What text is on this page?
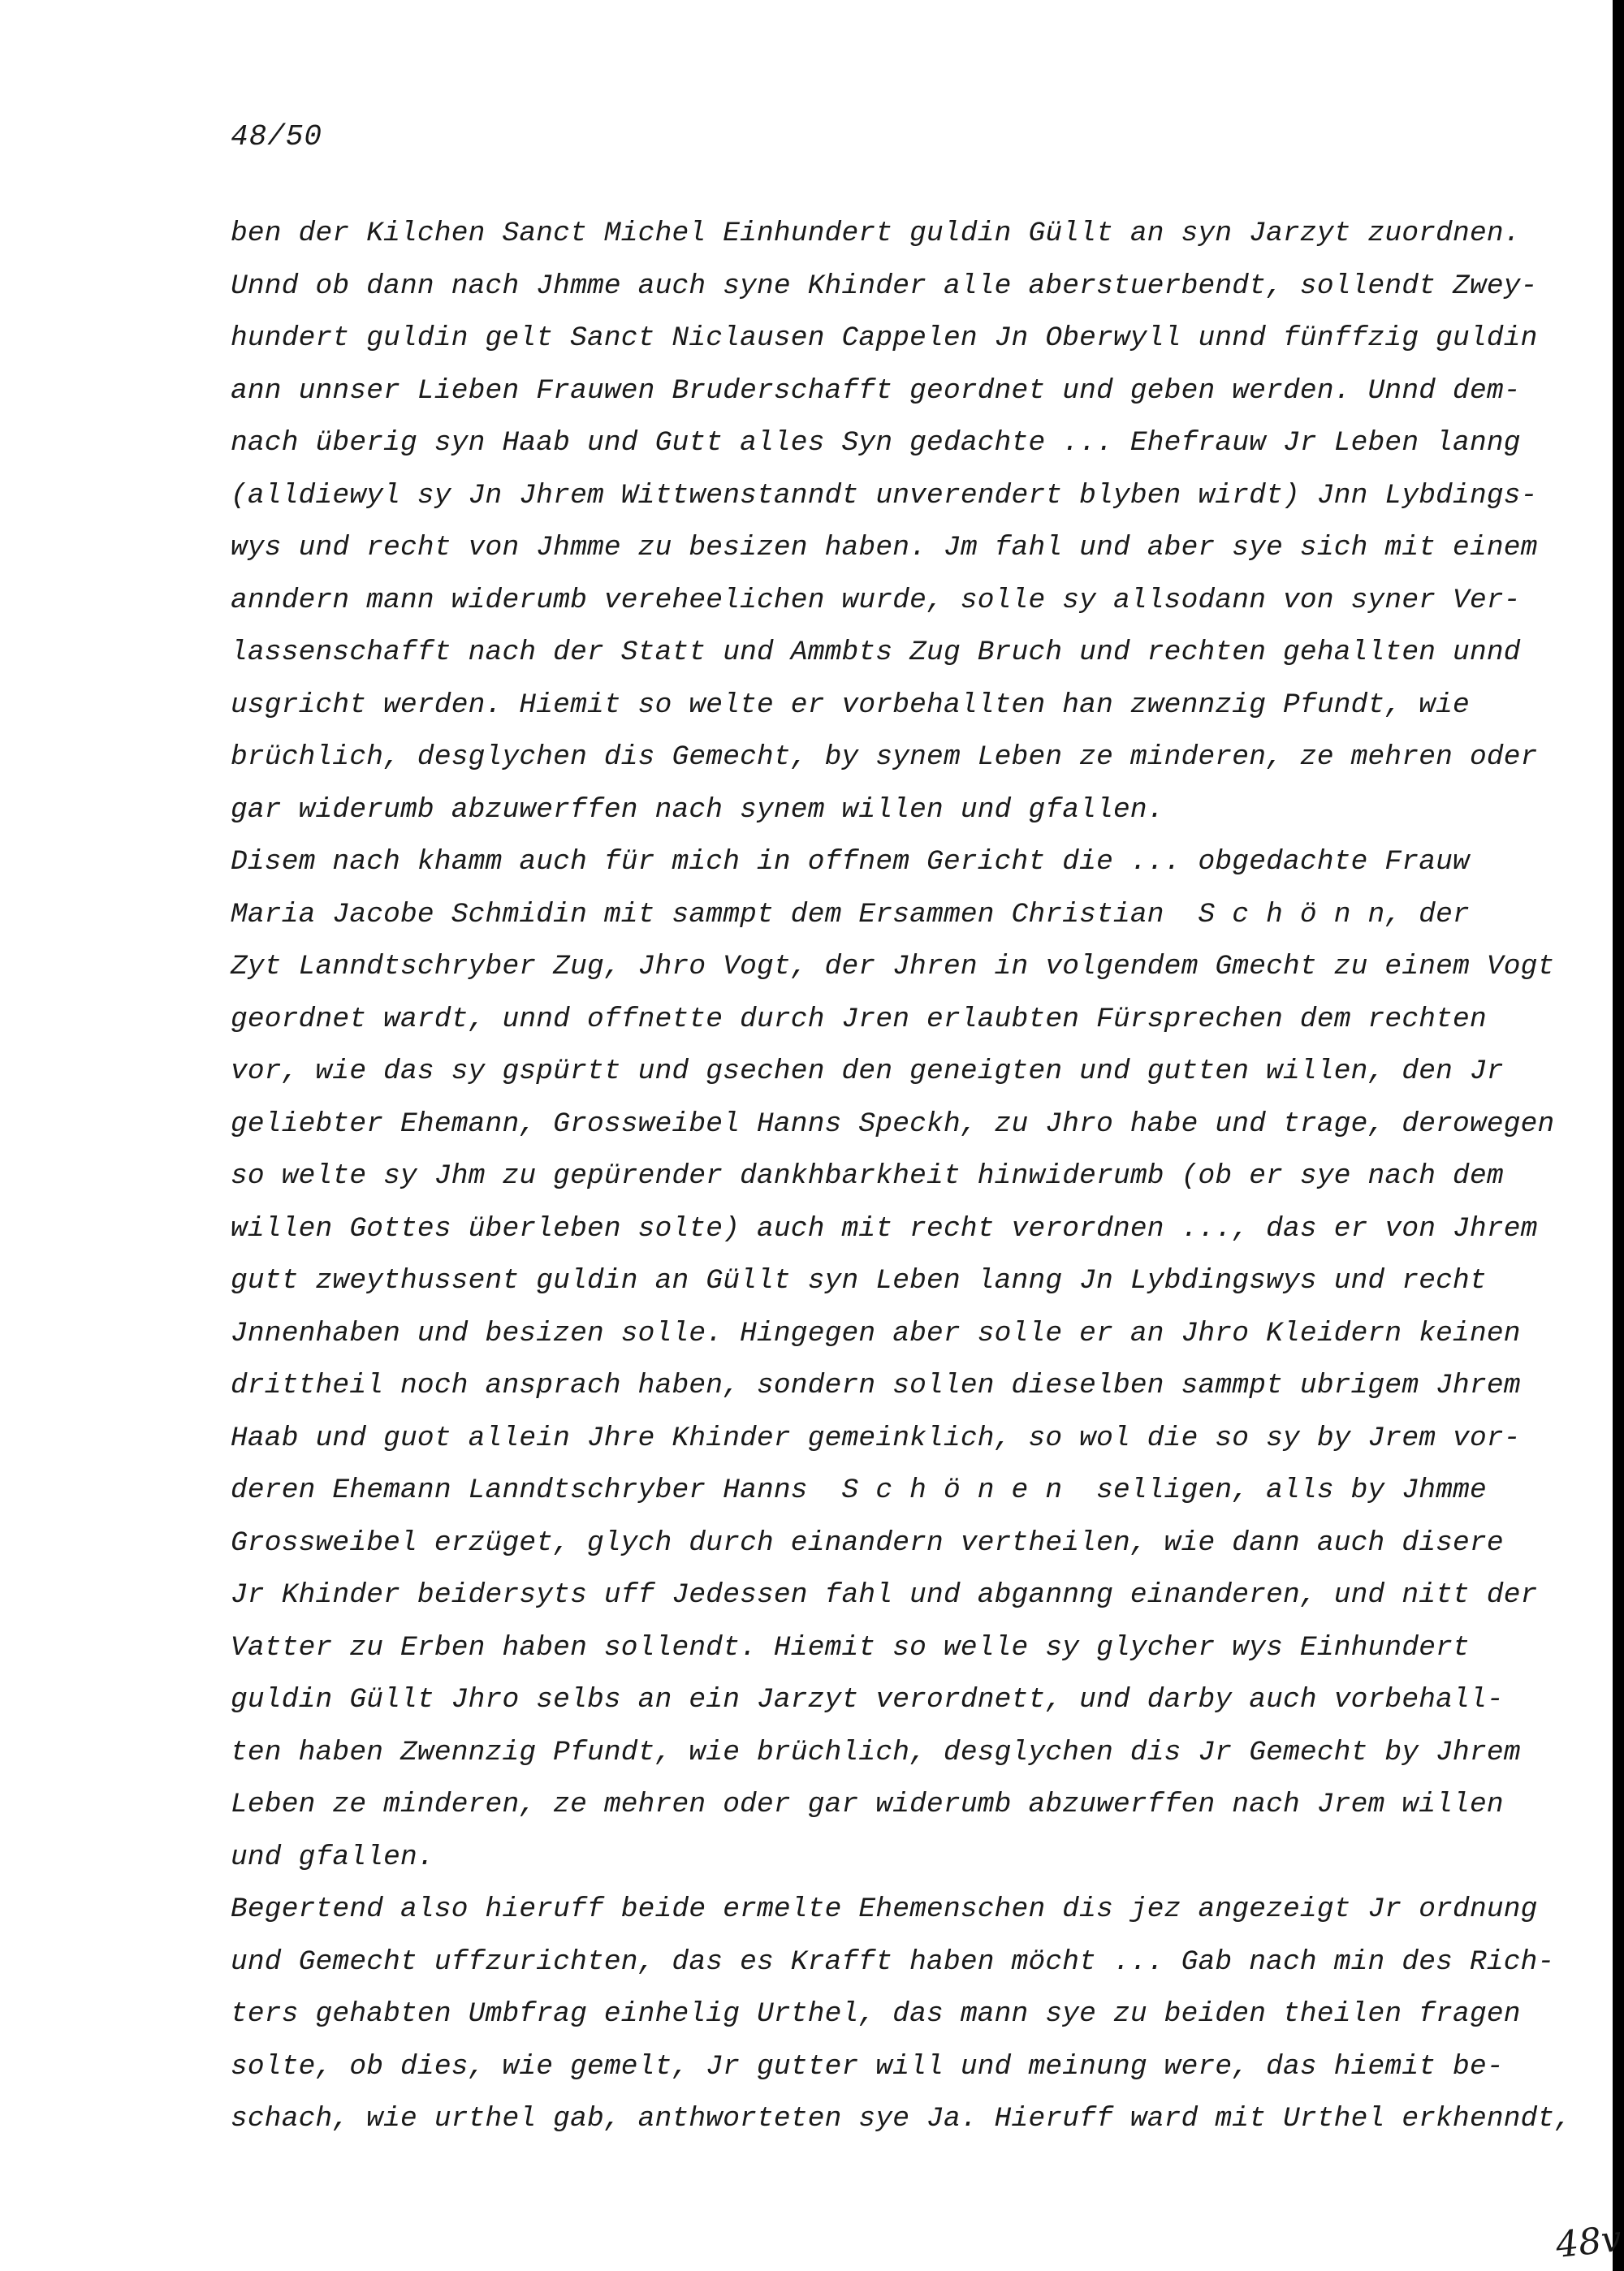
48/50
ben der Kilchen Sanct Michel Einhundert guldin Güllt an syn Jarzyt zuordnen.
Unnd ob dann nach Jhmme auch syne Khinder alle aberstuerbendt, sollendt Zwey-
hundert guldin gelt Sanct Niclausen Cappelen Jn Oberwyll unnd fünffzig guldin
ann unnser Lieben Frauwen Bruderschafft geordnet und geben werden. Unnd dem-
nach überig syn Haab und Gutt alles Syn gedachte ... Ehefrauw Jr Leben lanng
(alldiewyl sy Jn Jhrem Wittwenstanndt unverendert blyben wirdt) Jnn Lybdings-
wys und recht von Jhmme zu besizen haben. Jm fahl und aber sye sich mit einem
anndern mann widerumb vereheelichen wurde, solle sy allsodann von syner Ver-
lassenschafft nach der Statt und Ammbts Zug Bruch und rechten gehallten unnd
usgricht werden. Hiemit so welte er vorbehallten han zwennzig Pfundt, wie
brüchlich, desglychen dis Gemecht, by synem Leben ze minderen, ze mehren oder
gar widerumb abzuwerffen nach synem willen und gfallen.
Disem nach khamm auch für mich in offnem Gericht die ... obgedachte Frauw
Maria Jacobe Schmidin mit sammpt dem Ersammen Christian  S c h ö n n, der
Zyt Lanndtschryber Zug, Jhro Vogt, der Jhren in volgendem Gmecht zu einem Vogt
geordnet wardt, unnd offnette durch Jren erlaubten Fürsprechen dem rechten
vor, wie das sy gspürtt und gsechen den geneigten und gutten willen, den Jr
geliebter Ehemann, Grossweibel Hanns Speckh, zu Jhro habe und trage, derowegen
so welte sy Jhm zu gepürender dankhbarkheit hinwiderumb (ob er sye nach dem
willen Gottes überleben solte) auch mit recht verordnen ..., das er von Jhrem
gutt zweythussent guldin an Güllt syn Leben lanng Jn Lybdingswys und recht
Jnnenhaben und besizen solle. Hingegen aber solle er an Jhro Kleidern keinen
drittheil noch ansprach haben, sondern sollen dieselben sammpt ubrigem Jhrem
Haab und guot allein Jhre Khinder gemeinklich, so wol die so sy by Jrem vor-
deren Ehemann Lanndtschryber Hanns  S c h ö n e n  selligen, alls by Jhmme
Grossweibel erzüget, glych durch einandern vertheilen, wie dann auch disere
Jr Khinder beidersyts uff Jedessen fahl und abgannng einanderen, und nitt der
Vatter zu Erben haben sollendt. Hiemit so welle sy glycher wys Einhundert
guldin Güllt Jhro selbs an ein Jarzyt verordnett, und darby auch vorbehall-
ten haben Zwennzig Pfundt, wie brüchlich, desglychen dis Jr Gemecht by Jhrem
Leben ze minderen, ze mehren oder gar widerumb abzuwerffen nach Jrem willen
und gfallen.
Begertend also hieruff beide ermelte Ehemenschen dis jez angezeigt Jr ordnung
und Gemecht uffzurichten, das es Krafft haben möcht ... Gab nach min des Rich-
ters gehabten Umbfrag einhelig Urthel, das mann sye zu beiden theilen fragen
solte, ob dies, wie gemelt, Jr gutter will und meinung were, das hiemit be-
schach, wie urthel gab, anthworteten sye Ja. Hieruff ward mit Urthel erkhenndt,
48v
